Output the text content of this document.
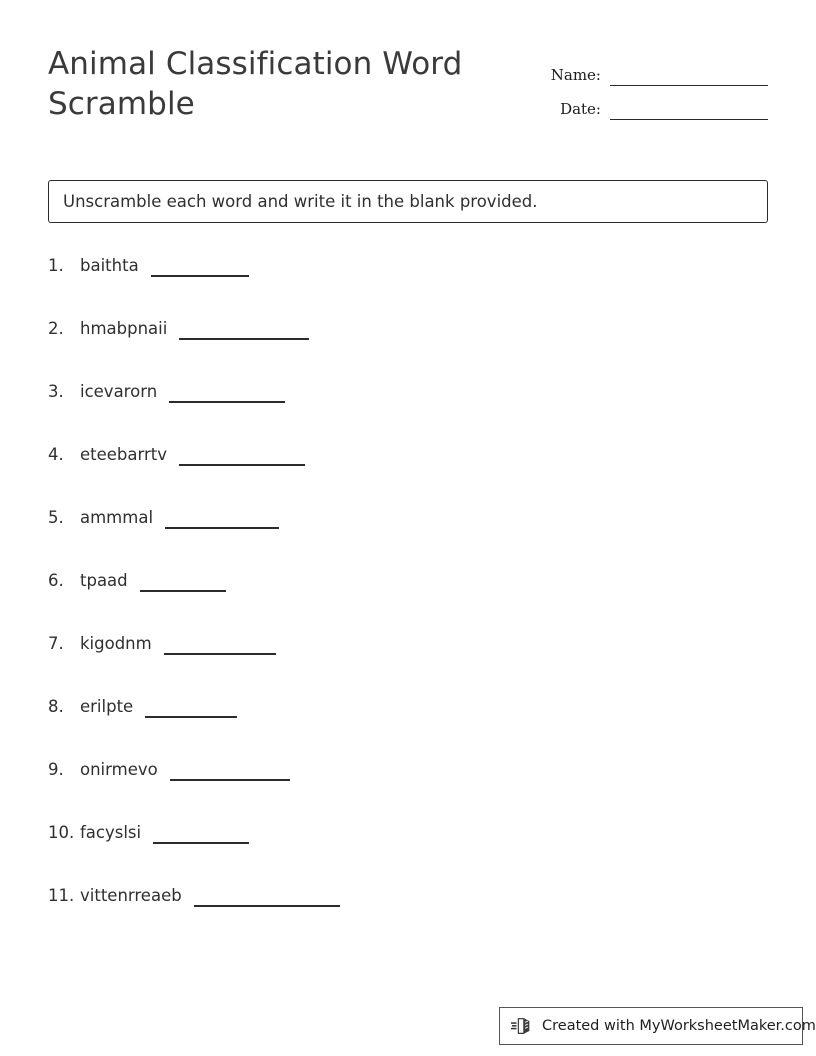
Animal Classification Word
Scramble
Name:
Date:
Unscramble each word and write it in the blank provided.
1. baithta
2. hmabpnaii
3. icevarorn
4. eteebarrtv
5. ammmal
6. tpaad
7. kigodnm
8. erilpte
9. onirmevo
10. facyslsi
11. vittenrreaeb
Created with MyWorksheetMaker.com
